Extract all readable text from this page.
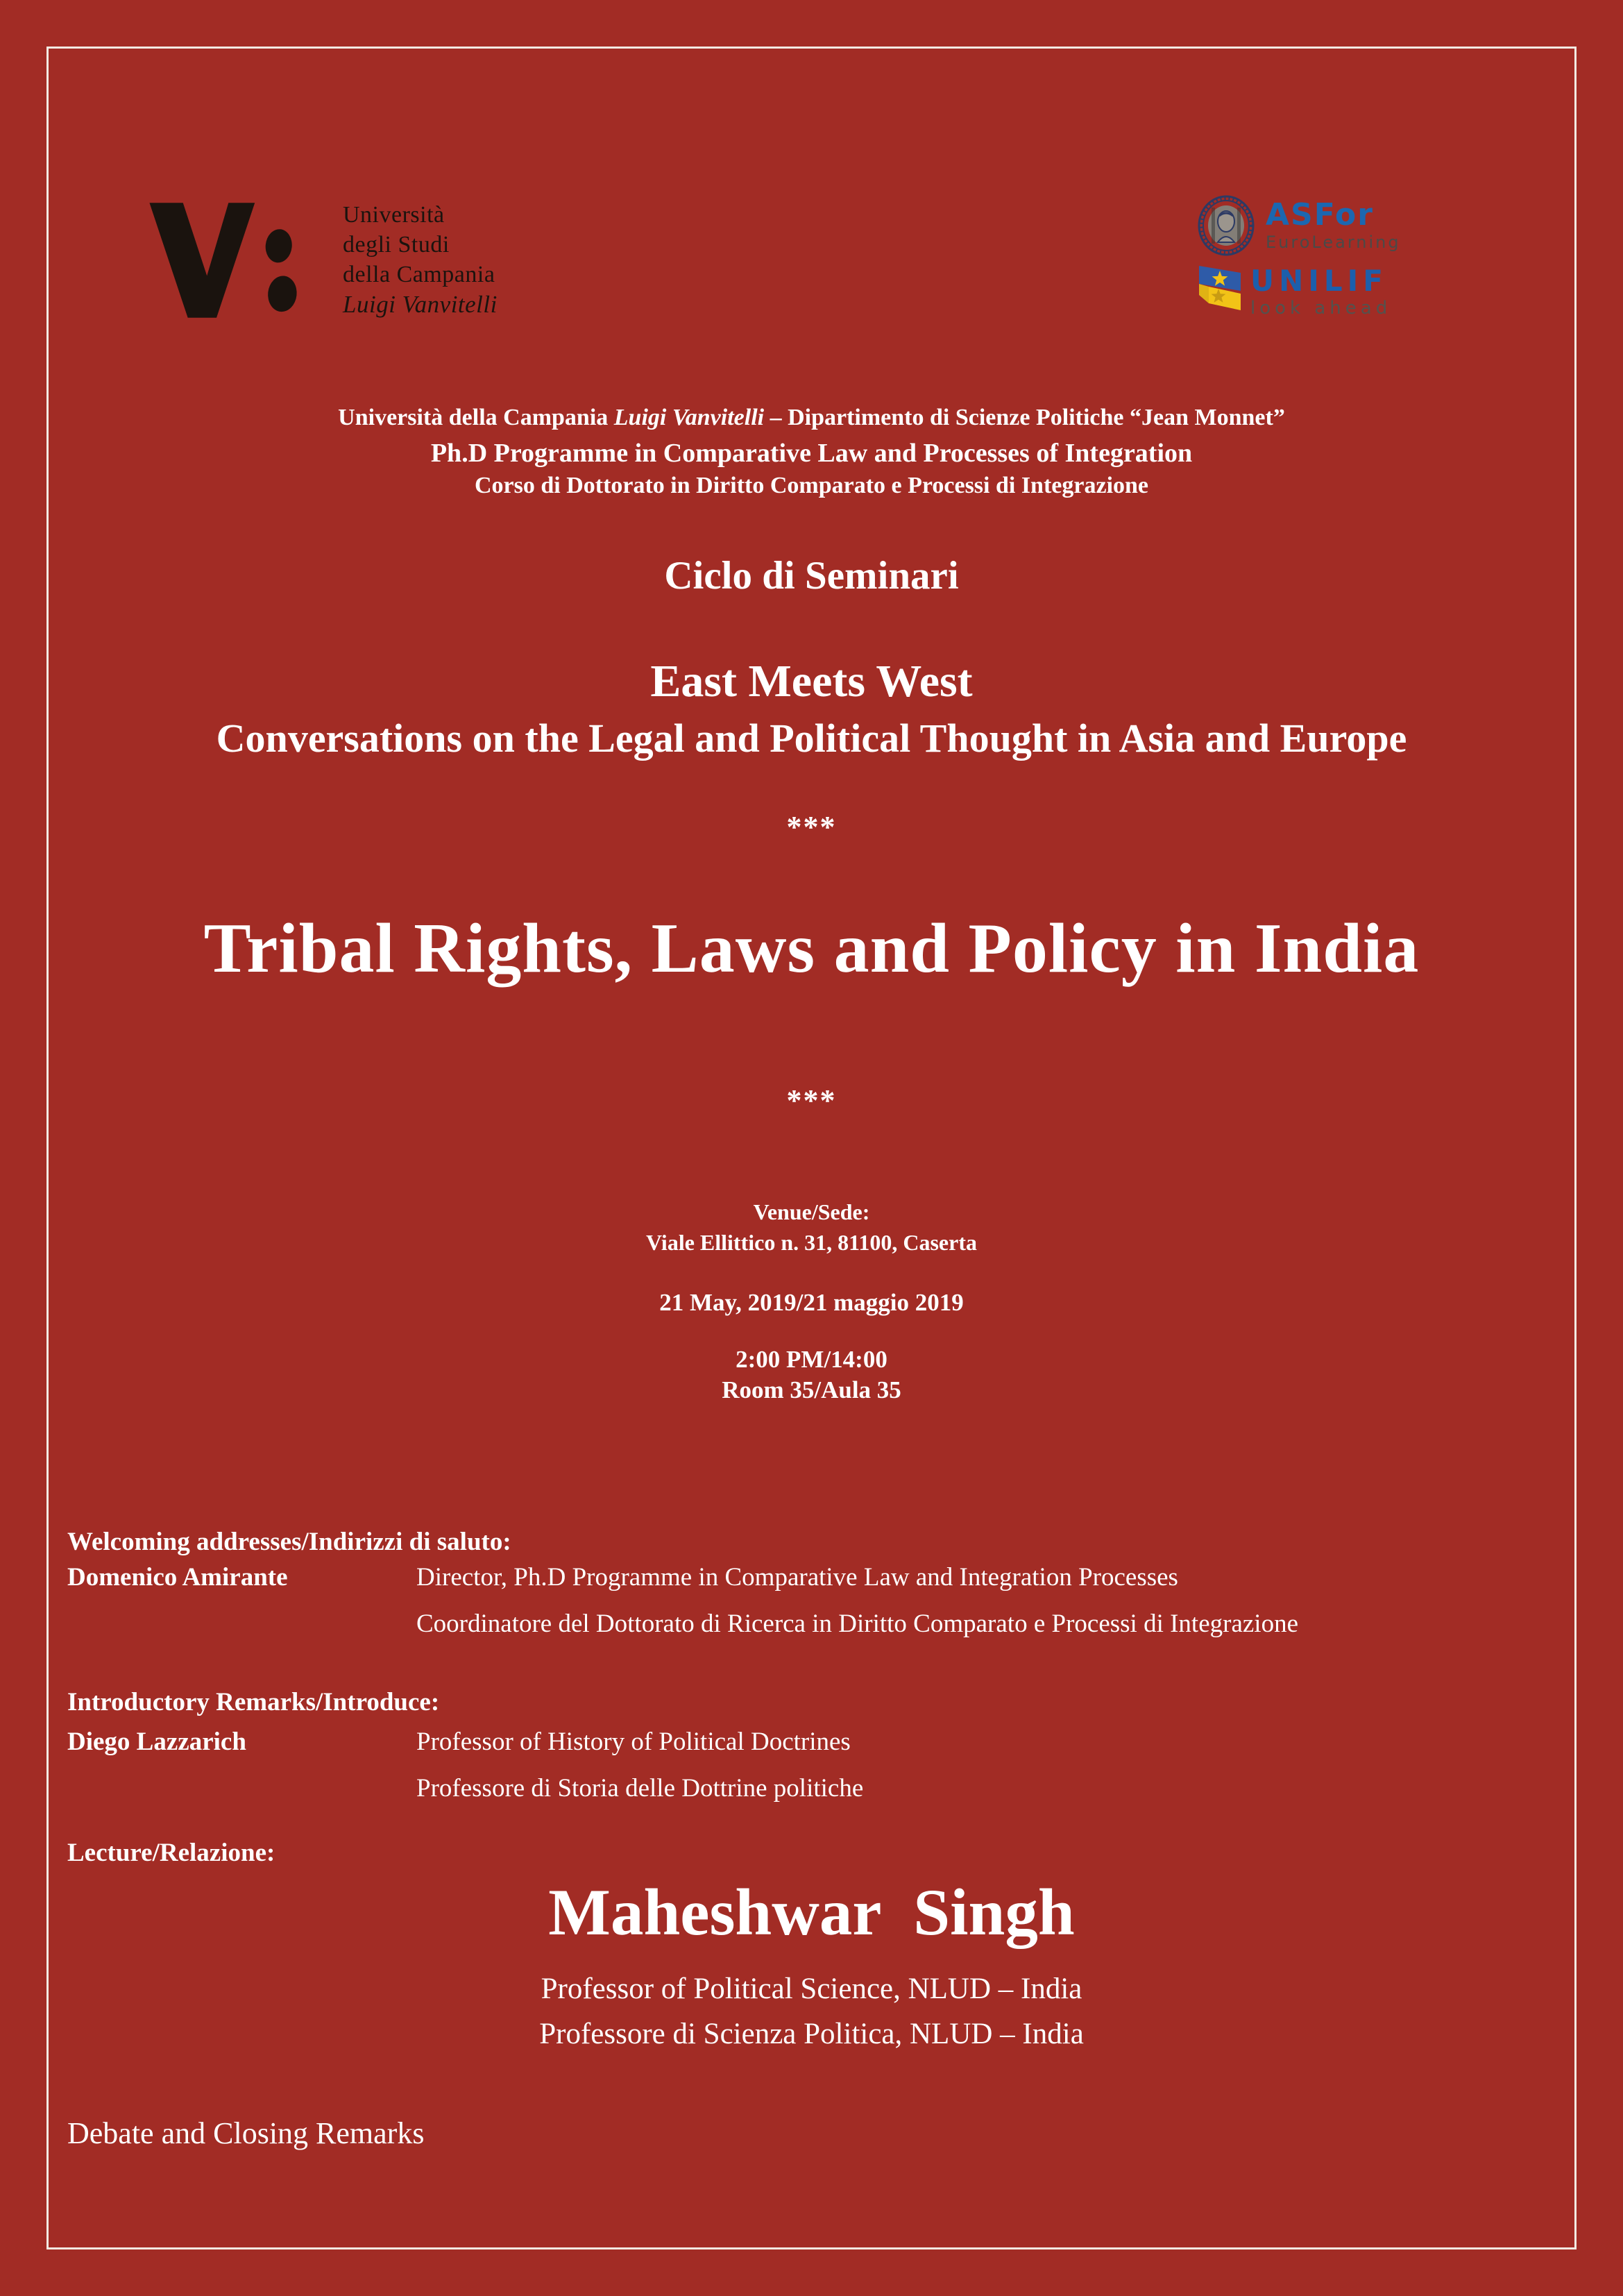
Università
degli Studi
della Campania
Luigi Vanvitelli
ASFor
EuroLearning
UNILIF
look ahead
Università della Campania Luigi Vanvitelli – Dipartimento di Scienze Politiche “Jean Monnet”
Ph.D Programme in Comparative Law and Processes of Integration
Corso di Dottorato in Diritto Comparato e Processi di Integrazione
Ciclo di Seminari
East Meets West
Conversations on the Legal and Political Thought in Asia and Europe
***
Tribal Rights, Laws and Policy in India
***
Venue/Sede:
Viale Ellittico n. 31, 81100, Caserta
21 May, 2019/21 maggio 2019
2:00 PM/14:00
Room 35/Aula 35
Welcoming addresses/Indirizzi di saluto:
Domenico Amirante	Director, Ph.D Programme in Comparative Law and Integration Processes
Coordinatore del Dottorato di Ricerca in Diritto Comparato e Processi di Integrazione
Introductory Remarks/Introduce:
Diego Lazzarich	Professor of History of Political Doctrines
Professore di Storia delle Dottrine politiche
Lecture/Relazione:
Maheshwar  Singh
Professor of Political Science, NLUD – India
Professore di Scienza Politica, NLUD – India
Debate and Closing Remarks
